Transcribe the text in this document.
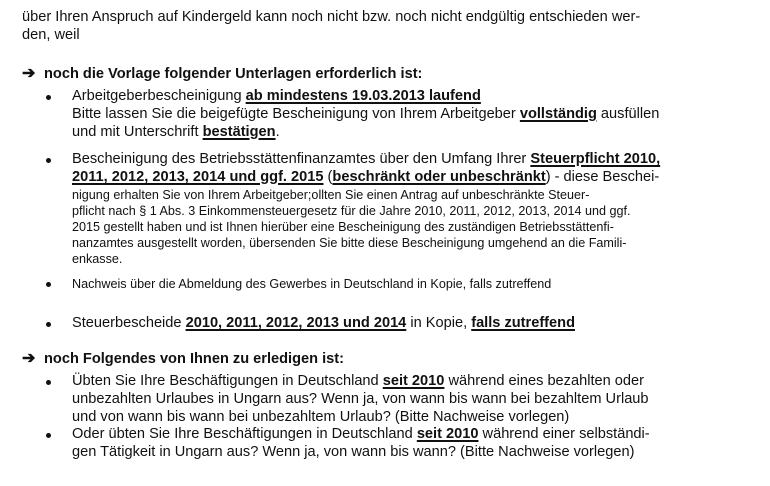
über Ihren Anspruch auf Kindergeld kann noch nicht bzw. noch nicht endgültig entschieden wer-
den, weil
➔ noch die Vorlage folgender Unterlagen erforderlich ist:
Arbeitgeberbescheinigung ab mindestens 19.03.2013 laufend
Bitte lassen Sie die beigefügte Bescheinigung von Ihrem Arbeitgeber vollständig ausfüllen
und mit Unterschrift bestätigen.
Bescheinigung des Betriebsstättenfinanzamtes über den Umfang Ihrer Steuerpflicht 2010,
2011, 2012, 2013, 2014 und ggf. 2015 (beschränkt oder unbeschränkt) - diese Beschei-
nigung erhalten Sie von Ihrem Arbeitgeber;ollten Sie einen Antrag auf unbeschränkte Steuer-
pflicht nach § 1 Abs. 3 Einkommensteuergesetz für die Jahre 2010, 2011, 2012, 2013, 2014 und ggf.
2015 gestellt haben und ist Ihnen hierüber eine Bescheinigung des zuständigen Betriebsstättenfi-
nanzamtes ausgestellt worden, übersenden Sie bitte diese Bescheinigung umgehend an die Famili-
enkasse.
Nachweis über die Abmeldung des Gewerbes in Deutschland in Kopie, falls zutreffend
Steuerbescheide 2010, 2011, 2012, 2013 und 2014 in Kopie, falls zutreffend
➔ noch Folgendes von Ihnen zu erledigen ist:
Übten Sie Ihre Beschäftigungen in Deutschland seit 2010 während eines bezahlten oder
unbezahlten Urlaubes in Ungarn aus? Wenn ja, von wann bis wann bei bezahltem Urlaub
und von wann bis wann bei unbezahltem Urlaub? (Bitte Nachweise vorlegen)
Oder übten Sie Ihre Beschäftigungen in Deutschland seit 2010 während einer selbständi-
gen Tätigkeit in Ungarn aus? Wenn ja, von wann bis wann? (Bitte Nachweise vorlegen)
